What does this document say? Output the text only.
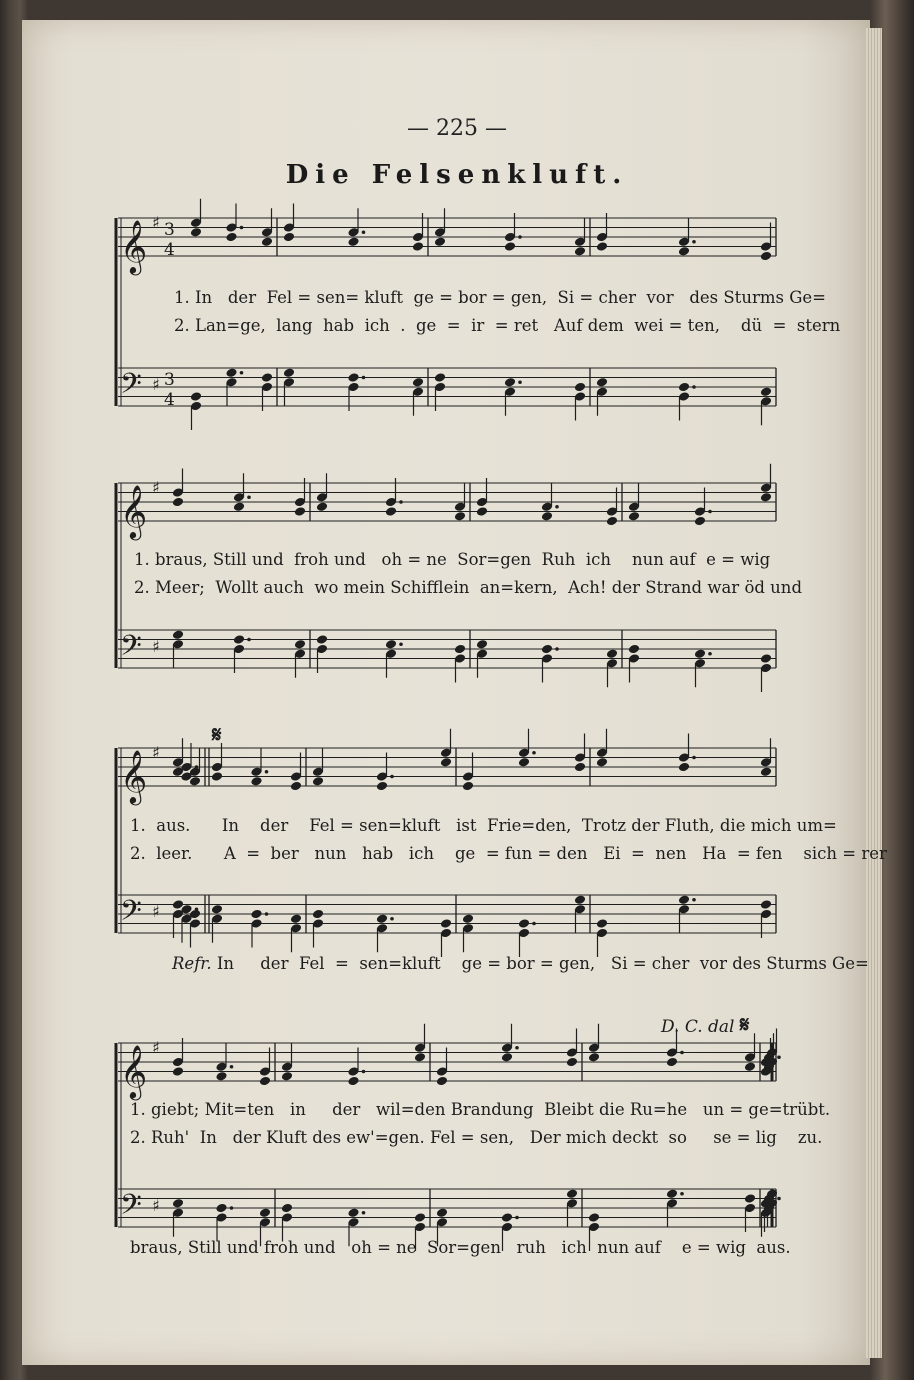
— 225 —
Die Felsenkluft.
𝄞 ♯ 3
4
𝄢 ♯ 3
4
𝄞 ♯
𝄢 ♯
𝄞 ♯
𝄢 ♯
𝄞 ♯
𝄢 ♯
1. In   der  Fel = sen= kluft  ge = bor = gen,  Si = cher  vor   des Sturms Ge=
2. Lan=ge,  lang  hab  ich  .  ge  =  ir  = ret   Auf dem  wei = ten,    dü  =  stern
1. braus, Still und  froh und   oh = ne  Sor=gen  Ruh  ich    nun auf  e = wig
2. Meer;  Wollt auch  wo mein Schifflein  an=kern,  Ach! der Strand war öd und
𝄋
1.  aus.      In    der    Fel = sen=kluft   ist  Frie=den,  Trotz der Fluth, die mich um=
2.  leer.      A  =  ber   nun   hab   ich    ge  = fun = den   Ei  =  nen   Ha  = fen    sich = rer
Refr. In     der  Fel  =  sen=kluft    ge = bor = gen,   Si = cher  vor des Sturms Ge=
D. C. dal 𝄋
1. giebt; Mit=ten   in     der   wil=den Brandung  Bleibt die Ru=he   un = ge=trübt.
2. Ruh'  In   der Kluft des ew'=gen. Fel = sen,   Der mich deckt  so     se = lig    zu.
braus, Still und froh und   oh = ne  Sor=gen   ruh   ich  nun auf    e = wig  aus.
